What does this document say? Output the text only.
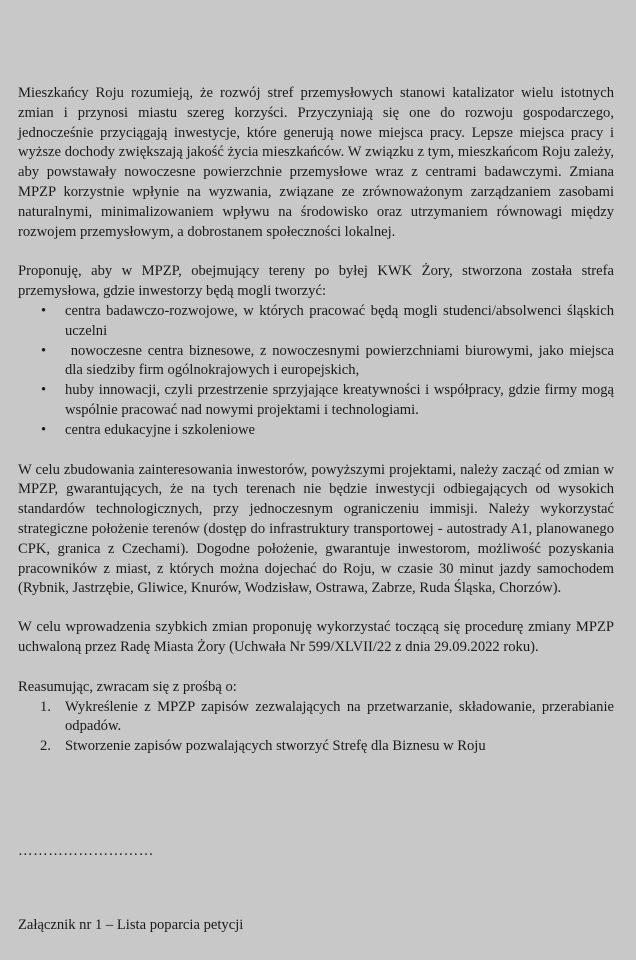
Mieszkańcy Roju rozumieją, że rozwój stref przemysłowych stanowi katalizator wielu istotnych zmian i przynosi miastu szereg korzyści. Przyczyniają się one do rozwoju gospodarczego, jednocześnie przyciągają inwestycje, które generują nowe miejsca pracy. Lepsze miejsca pracy i wyższe dochody zwiększają jakość życia mieszkańców. W związku z tym, mieszkańcom Roju zależy, aby powstawały nowoczesne powierzchnie przemysłowe wraz z centrami badawczymi. Zmiana MPZP korzystnie wpłynie na wyzwania, związane ze zrównoważonym zarządzaniem zasobami naturalnymi, minimalizowaniem wpływu na środowisko oraz utrzymaniem równowagi między rozwojem przemysłowym, a dobrostanem społeczności lokalnej.

Proponuję, aby w MPZP, obejmujący tereny po byłej KWK Żory, stworzona została strefa przemysłowa, gdzie inwestorzy będą mogli tworzyć:

• centra badawczo-rozwojowe, w których pracować będą mogli studenci/absolwenci śląskich uczelni
• nowoczesne centra biznesowe, z nowoczesnymi powierzchniami biurowymi, jako miejsca  dla siedziby firm ogólnokrajowych i europejskich,
• huby innowacji, czyli przestrzenie sprzyjające kreatywności i współpracy, gdzie firmy mogą wspólnie pracować nad nowymi projektami i technologiami.
• centra edukacyjne i szkoleniowe

W celu zbudowania zainteresowania inwestorów, powyższymi projektami, należy zacząć od zmian w MPZP, gwarantujących, że na tych terenach nie będzie inwestycji odbiegających od wysokich standardów technologicznych, przy jednoczesnym ograniczeniu immisji. Należy wykorzystać strategiczne położenie terenów (dostęp do infrastruktury transportowej - autostrady A1, planowanego CPK, granica z Czechami). Dogodne położenie, gwarantuje inwestorom, możliwość pozyskania pracowników z miast, z których można dojechać do Roju, w czasie 30 minut jazdy samochodem (Rybnik, Jastrzębie, Gliwice, Knurów, Wodzisław, Ostrawa, Zabrze, Ruda Śląska, Chorzów).

W celu wprowadzenia szybkich zmian proponuję wykorzystać toczącą się procedurę zmiany MPZP uchwaloną przez Radę Miasta Żory (Uchwała Nr 599/XLVII/22 z dnia 29.09.2022 roku).

Reasumując, zwracam się z prośbą o:

1. Wykreślenie z MPZP zapisów zezwalających na przetwarzanie, składowanie, przerabianie odpadów.
2. Stworzenie zapisów pozwalających stworzyć Strefę dla Biznesu w Roju
………………………
Załącznik nr 1 – Lista poparcia petycji
